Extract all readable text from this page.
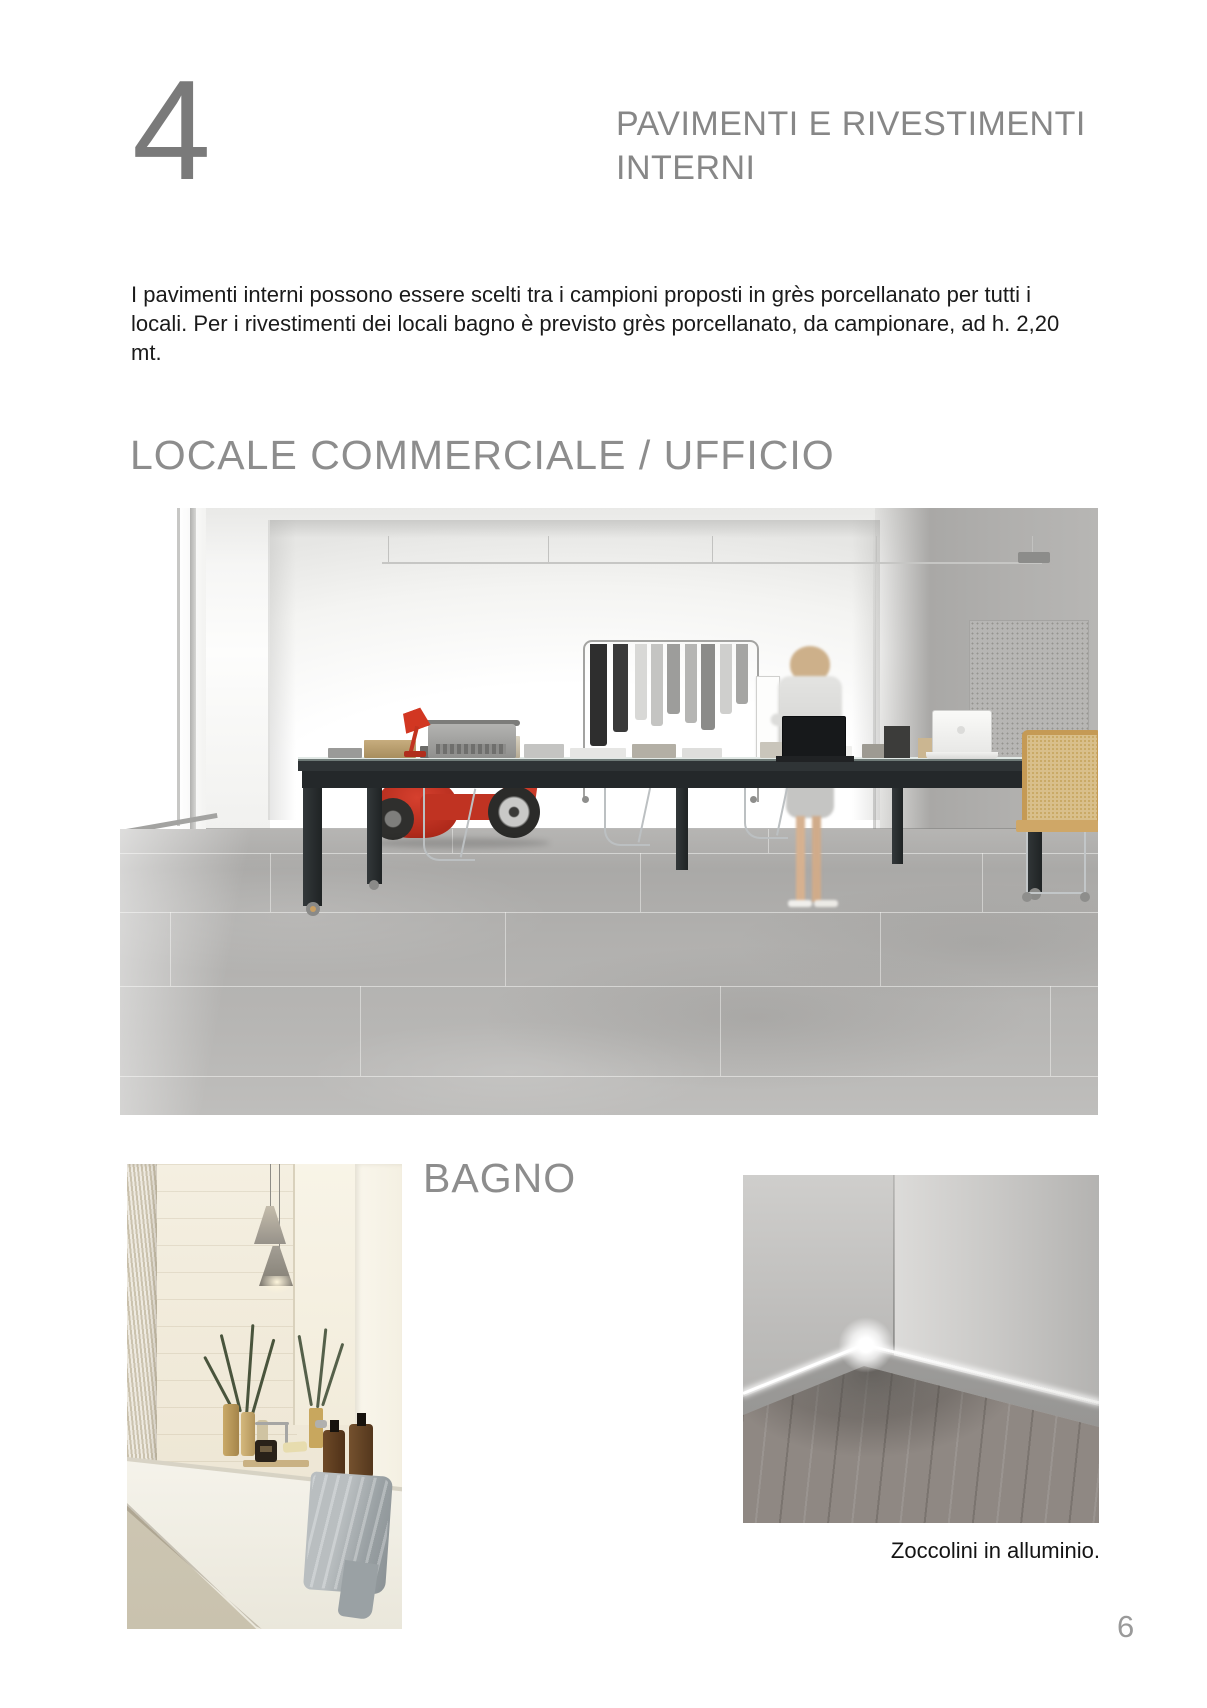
4	PAVIMENTI E RIVESTIMENTI
INTERNI
I pavimenti interni possono essere scelti tra i campioni proposti in grès porcellanato per tutti i
locali. Per i rivestimenti dei locali bagno è previsto grès porcellanato, da campionare, ad h. 2,20
mt.
LOCALE COMMERCIALE / UFFICIO
BAGNO
Zoccolini in alluminio.
6
